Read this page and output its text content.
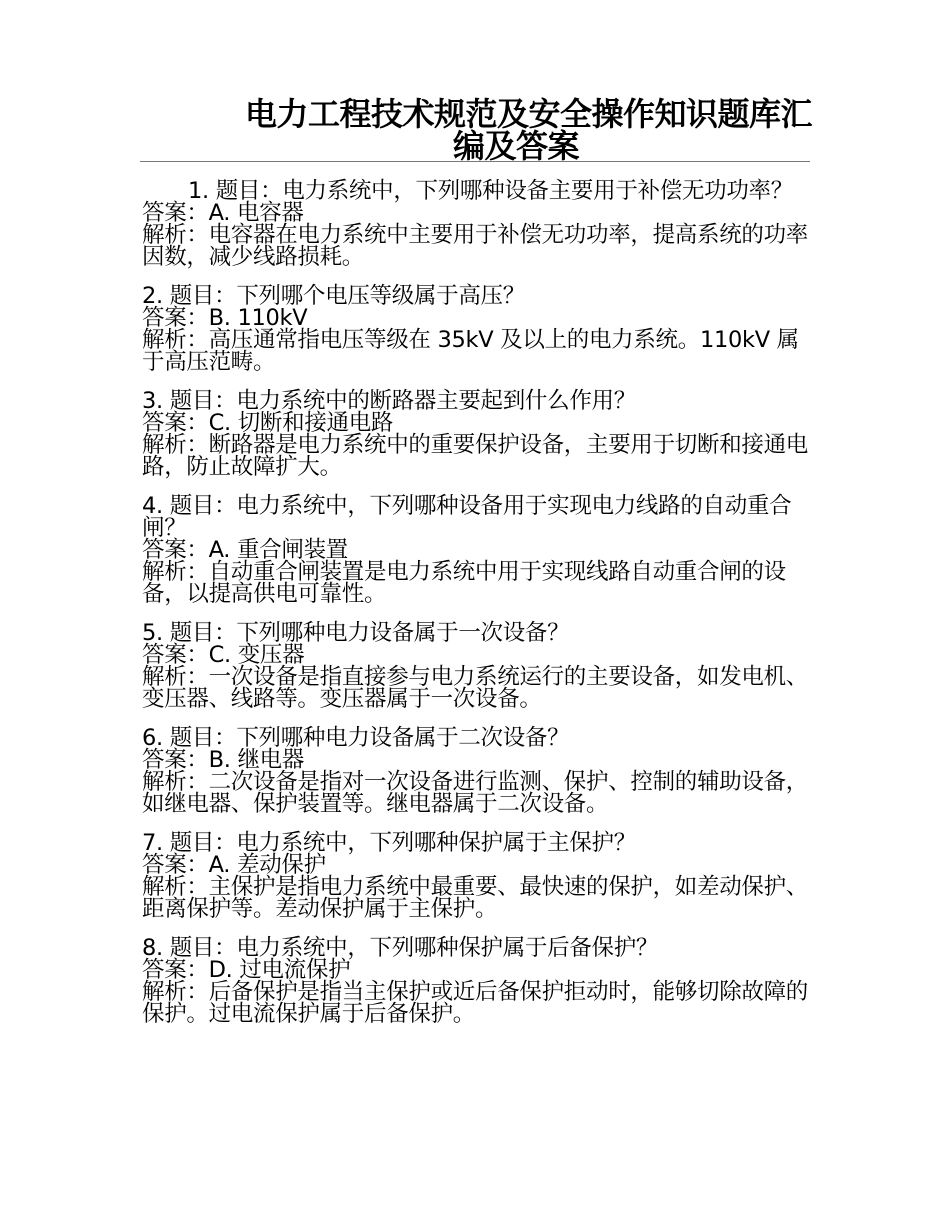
电力工程技术规范及安全操作知识题库汇
编及答案

1. 题目：电力系统中，下列哪种设备主要用于补偿无功功率？

答案：A. 电容器

解析：电容器在电力系统中主要用于补偿无功功率，提高系统的功率因数，减少线路损耗。

2. 题目：下列哪个电压等级属于高压？

答案：B. 110kV

解析：高压通常指电压等级在 35kV 及以上的电力系统。110kV 属于高压范畴。

3. 题目：电力系统中的断路器主要起到什么作用？

答案：C. 切断和接通电路

解析：断路器是电力系统中的重要保护设备，主要用于切断和接通电路，防止故障扩大。

4. 题目：电力系统中，下列哪种设备用于实现电力线路的自动重合闸？

答案：A. 重合闸装置

解析：自动重合闸装置是电力系统中用于实现线路自动重合闸的设备，以提高供电可靠性。

5. 题目：下列哪种电力设备属于一次设备？

答案：C. 变压器

解析：一次设备是指直接参与电力系统运行的主要设备，如发电机、变压器、线路等。变压器属于一次设备。

6. 题目：下列哪种电力设备属于二次设备？

答案：B. 继电器

解析：二次设备是指对一次设备进行监测、保护、控制的辅助设备，如继电器、保护装置等。继电器属于二次设备。

7. 题目：电力系统中，下列哪种保护属于主保护？

答案：A. 差动保护

解析：主保护是指电力系统中最重要、最快速的保护，如差动保护、距离保护等。差动保护属于主保护。

8. 题目：电力系统中，下列哪种保护属于后备保护？

答案：D. 过电流保护

解析：后备保护是指当主保护或近后备保护拒动时，能够切除故障的保护。过电流保护属于后备保护。
